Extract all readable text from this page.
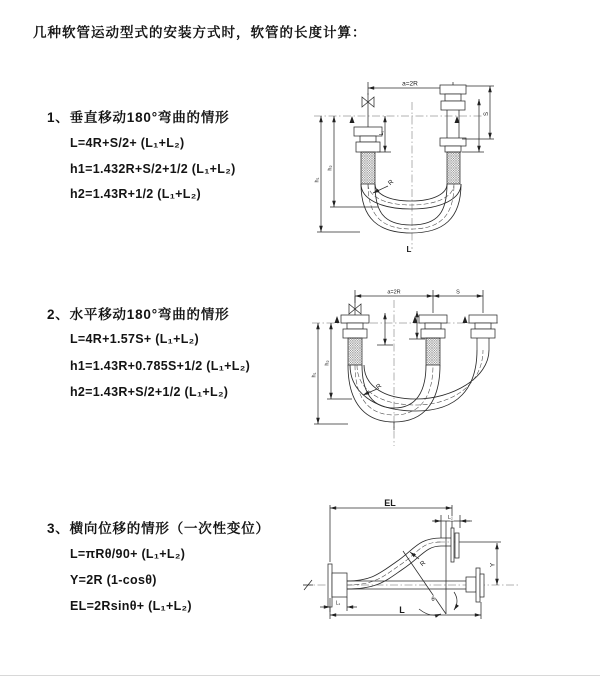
几种软管运动型式的安装方式时，软管的长度计算：
1、垂直移动180°弯曲的情形
L=4R+S/2+ (L₁+L₂)
h1=1.432R+S/2+1/2 (L₁+L₂)
h2=1.43R+1/2 (L₁+L₂)
2、水平移动180°弯曲的情形
L=4R+1.57S+ (L₁+L₂)
h1=1.43R+0.785S+1/2 (L₁+L₂)
h2=1.43R+S/2+1/2 (L₁+L₂)
3、横向位移的情形（一次性变位）
L=πRθ/90+ (L₁+L₂)
Y=2R (1-cosθ)
EL=2Rsinθ+ (L₁+L₂)
a=2R
S
L₁
h₁
h₂
R
L
a=2R	S
h₁
h₂
R
EL
L₂
Y
R
θ
L₁
L
